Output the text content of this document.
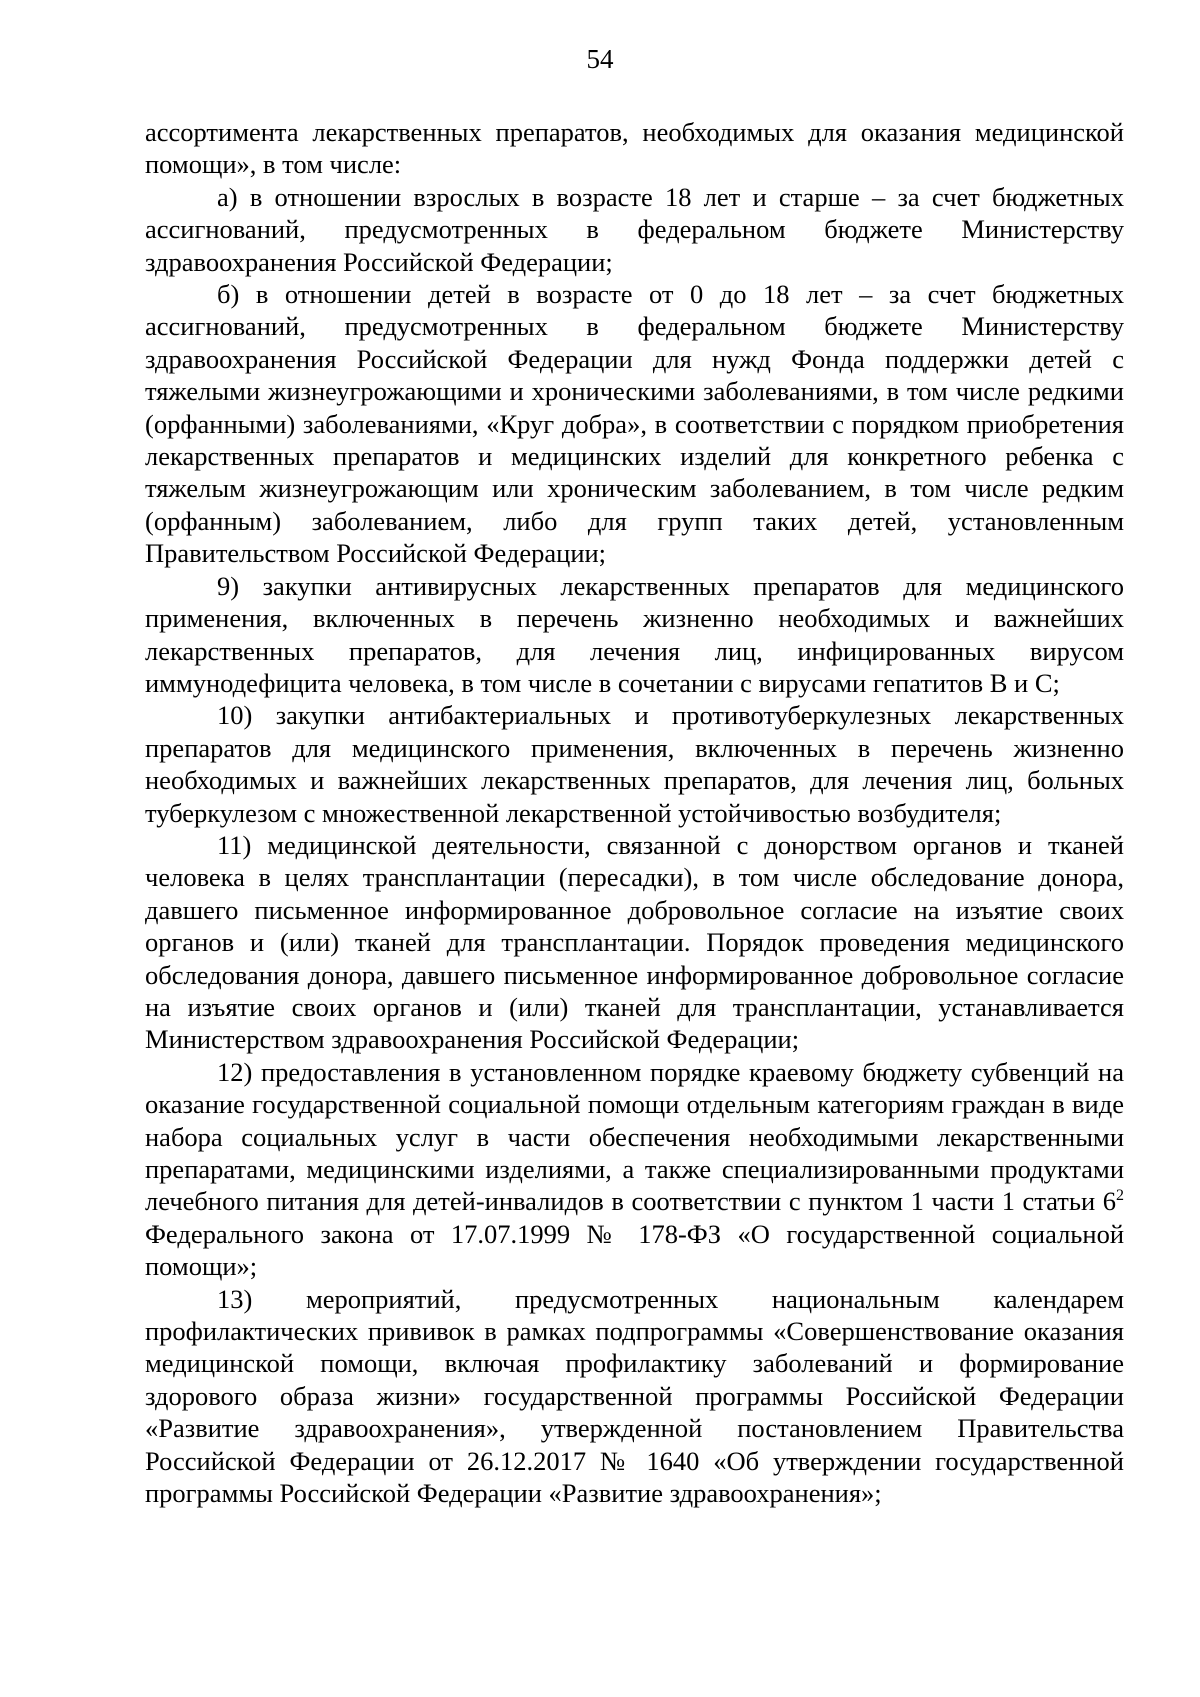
54

ассортимента лекарственных препаратов, необходимых для оказания медицинской помощи», в том числе:

а) в отношении взрослых в возрасте 18 лет и старше – за счет бюджетных ассигнований, предусмотренных в федеральном бюджете Министерству здравоохранения Российской Федерации;

б) в отношении детей в возрасте от 0 до 18 лет – за счет бюджетных ассигнований, предусмотренных в федеральном бюджете Министерству здравоохранения Российской Федерации для нужд Фонда поддержки детей с тяжелыми жизнеугрожающими и хроническими заболеваниями, в том числе редкими (орфанными) заболеваниями, «Круг добра», в соответствии с порядком приобретения лекарственных препаратов и медицинских изделий для конкретного ребенка с тяжелым жизнеугрожающим или хроническим заболеванием, в том числе редким (орфанным) заболеванием, либо для групп таких детей, установленным Правительством Российской Федерации;

9) закупки антивирусных лекарственных препаратов для медицинского применения, включенных в перечень жизненно необходимых и важнейших лекарственных препаратов, для лечения лиц, инфицированных вирусом иммунодефицита человека, в том числе в сочетании с вирусами гепатитов B и C;

10) закупки антибактериальных и противотуберкулезных лекарственных препаратов для медицинского применения, включенных в перечень жизненно необходимых и важнейших лекарственных препаратов, для лечения лиц, больных туберкулезом с множественной лекарственной устойчивостью возбудителя;

11) медицинской деятельности, связанной с донорством органов и тканей человека в целях трансплантации (пересадки), в том числе обследование донора, давшего письменное информированное добровольное согласие на изъятие своих органов и (или) тканей для трансплантации. Порядок проведения медицинского обследования донора, давшего письменное информированное добровольное согласие на изъятие своих органов и (или) тканей для трансплантации, устанавливается Министерством здравоохранения Российской Федерации;

12) предоставления в установленном порядке краевому бюджету субвенций на оказание государственной социальной помощи отдельным категориям граждан в виде набора социальных услуг в части обеспечения необходимыми лекарственными препаратами, медицинскими изделиями, а также специализированными продуктами лечебного питания для детей-инвалидов в соответствии с пунктом 1 части 1 статьи $6^2$ Федерального закона от 17.07.1999 № 178-ФЗ «О государственной социальной помощи»;

13) мероприятий, предусмотренных национальным календарем профилактических прививок в рамках подпрограммы «Совершенствование оказания медицинской помощи, включая профилактику заболеваний и формирование здорового образа жизни» государственной программы Российской Федерации «Развитие здравоохранения», утвержденной постановлением Правительства Российской Федерации от 26.12.2017 № 1640 «Об утверждении государственной программы Российской Федерации «Развитие здравоохранения»;
